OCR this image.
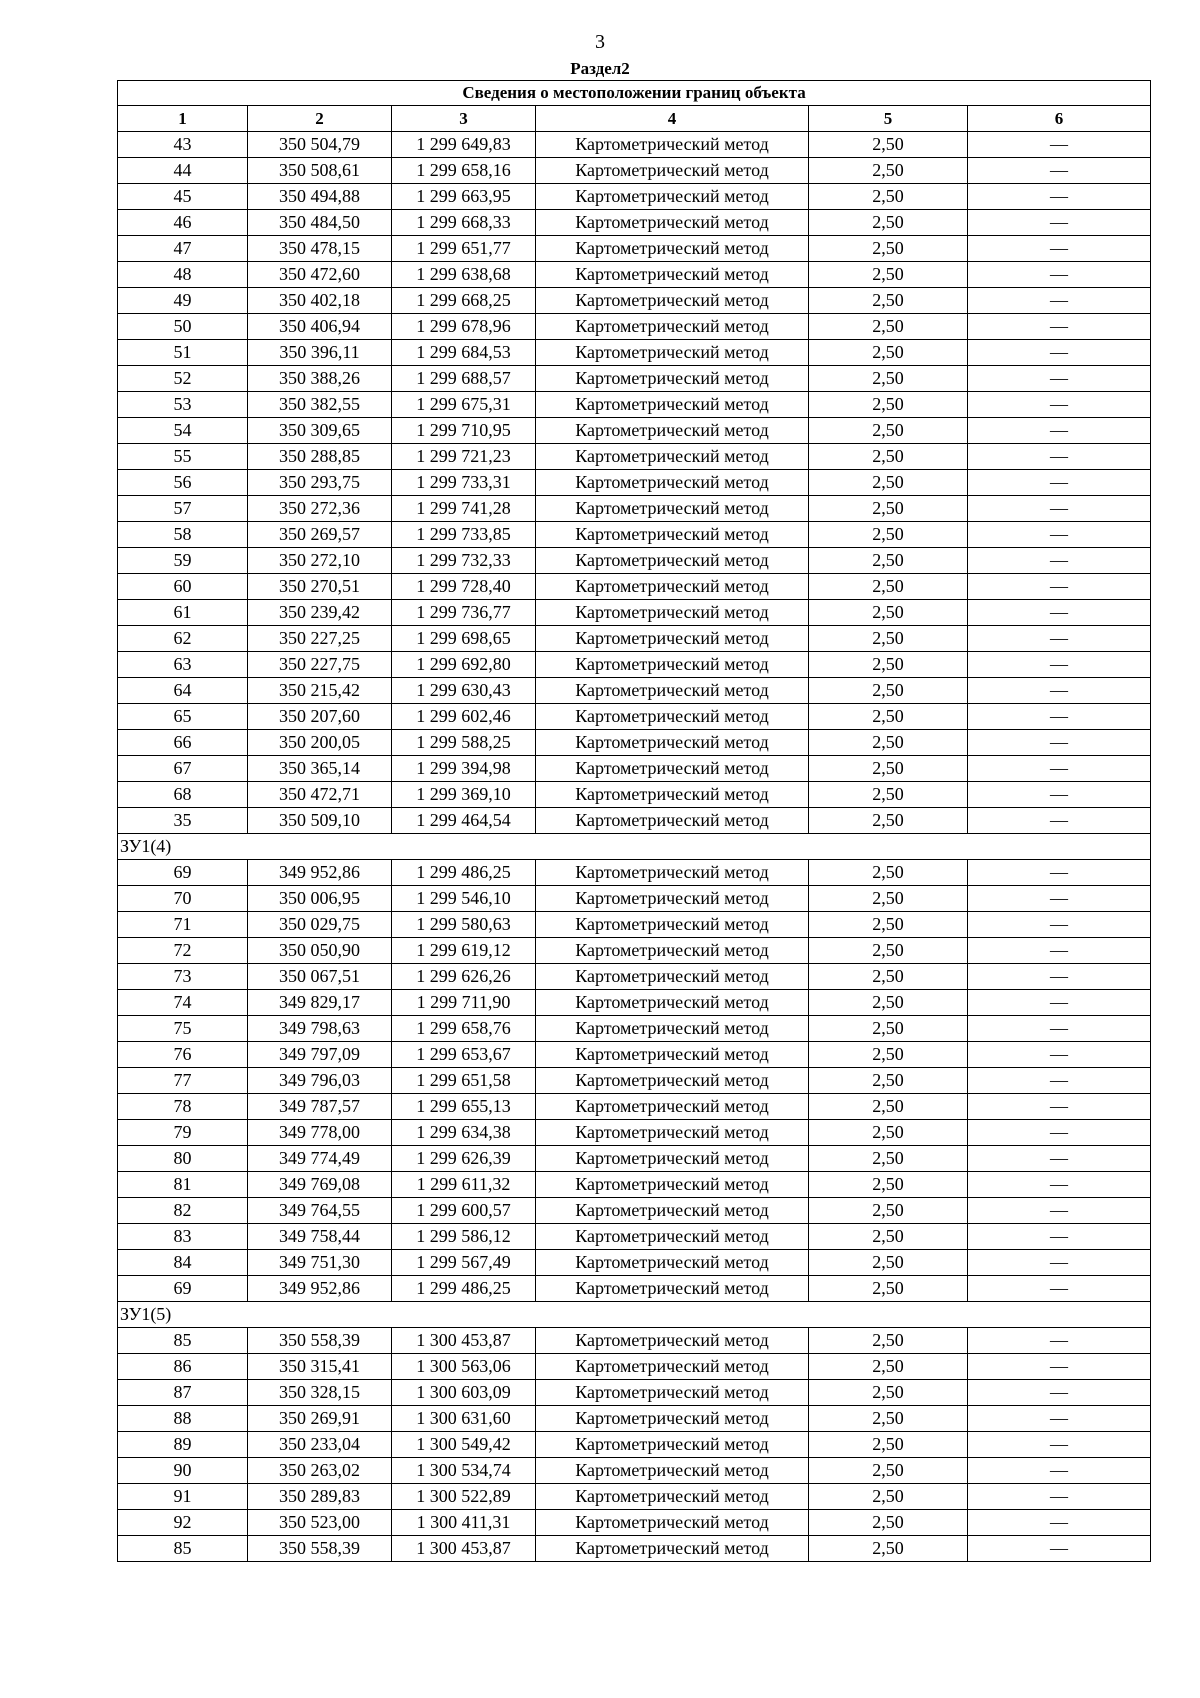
3
Раздел2
Сведения о местоположении границ объекта					
1	2	3	4	5	6
43	350 504,79	1 299 649,83	Картометрический метод	2,50	—
44	350 508,61	1 299 658,16	Картометрический метод	2,50	—
45	350 494,88	1 299 663,95	Картометрический метод	2,50	—
46	350 484,50	1 299 668,33	Картометрический метод	2,50	—
47	350 478,15	1 299 651,77	Картометрический метод	2,50	—
48	350 472,60	1 299 638,68	Картометрический метод	2,50	—
49	350 402,18	1 299 668,25	Картометрический метод	2,50	—
50	350 406,94	1 299 678,96	Картометрический метод	2,50	—
51	350 396,11	1 299 684,53	Картометрический метод	2,50	—
52	350 388,26	1 299 688,57	Картометрический метод	2,50	—
53	350 382,55	1 299 675,31	Картометрический метод	2,50	—
54	350 309,65	1 299 710,95	Картометрический метод	2,50	—
55	350 288,85	1 299 721,23	Картометрический метод	2,50	—
56	350 293,75	1 299 733,31	Картометрический метод	2,50	—
57	350 272,36	1 299 741,28	Картометрический метод	2,50	—
58	350 269,57	1 299 733,85	Картометрический метод	2,50	—
59	350 272,10	1 299 732,33	Картометрический метод	2,50	—
60	350 270,51	1 299 728,40	Картометрический метод	2,50	—
61	350 239,42	1 299 736,77	Картометрический метод	2,50	—
62	350 227,25	1 299 698,65	Картометрический метод	2,50	—
63	350 227,75	1 299 692,80	Картометрический метод	2,50	—
64	350 215,42	1 299 630,43	Картометрический метод	2,50	—
65	350 207,60	1 299 602,46	Картометрический метод	2,50	—
66	350 200,05	1 299 588,25	Картометрический метод	2,50	—
67	350 365,14	1 299 394,98	Картометрический метод	2,50	—
68	350 472,71	1 299 369,10	Картометрический метод	2,50	—
35	350 509,10	1 299 464,54	Картометрический метод	2,50	—
ЗУ1(4)					
69	349 952,86	1 299 486,25	Картометрический метод	2,50	—
70	350 006,95	1 299 546,10	Картометрический метод	2,50	—
71	350 029,75	1 299 580,63	Картометрический метод	2,50	—
72	350 050,90	1 299 619,12	Картометрический метод	2,50	—
73	350 067,51	1 299 626,26	Картометрический метод	2,50	—
74	349 829,17	1 299 711,90	Картометрический метод	2,50	—
75	349 798,63	1 299 658,76	Картометрический метод	2,50	—
76	349 797,09	1 299 653,67	Картометрический метод	2,50	—
77	349 796,03	1 299 651,58	Картометрический метод	2,50	—
78	349 787,57	1 299 655,13	Картометрический метод	2,50	—
79	349 778,00	1 299 634,38	Картометрический метод	2,50	—
80	349 774,49	1 299 626,39	Картометрический метод	2,50	—
81	349 769,08	1 299 611,32	Картометрический метод	2,50	—
82	349 764,55	1 299 600,57	Картометрический метод	2,50	—
83	349 758,44	1 299 586,12	Картометрический метод	2,50	—
84	349 751,30	1 299 567,49	Картометрический метод	2,50	—
69	349 952,86	1 299 486,25	Картометрический метод	2,50	—
ЗУ1(5)					
85	350 558,39	1 300 453,87	Картометрический метод	2,50	—
86	350 315,41	1 300 563,06	Картометрический метод	2,50	—
87	350 328,15	1 300 603,09	Картометрический метод	2,50	—
88	350 269,91	1 300 631,60	Картометрический метод	2,50	—
89	350 233,04	1 300 549,42	Картометрический метод	2,50	—
90	350 263,02	1 300 534,74	Картометрический метод	2,50	—
91	350 289,83	1 300 522,89	Картометрический метод	2,50	—
92	350 523,00	1 300 411,31	Картометрический метод	2,50	—
85	350 558,39	1 300 453,87	Картометрический метод	2,50	—
